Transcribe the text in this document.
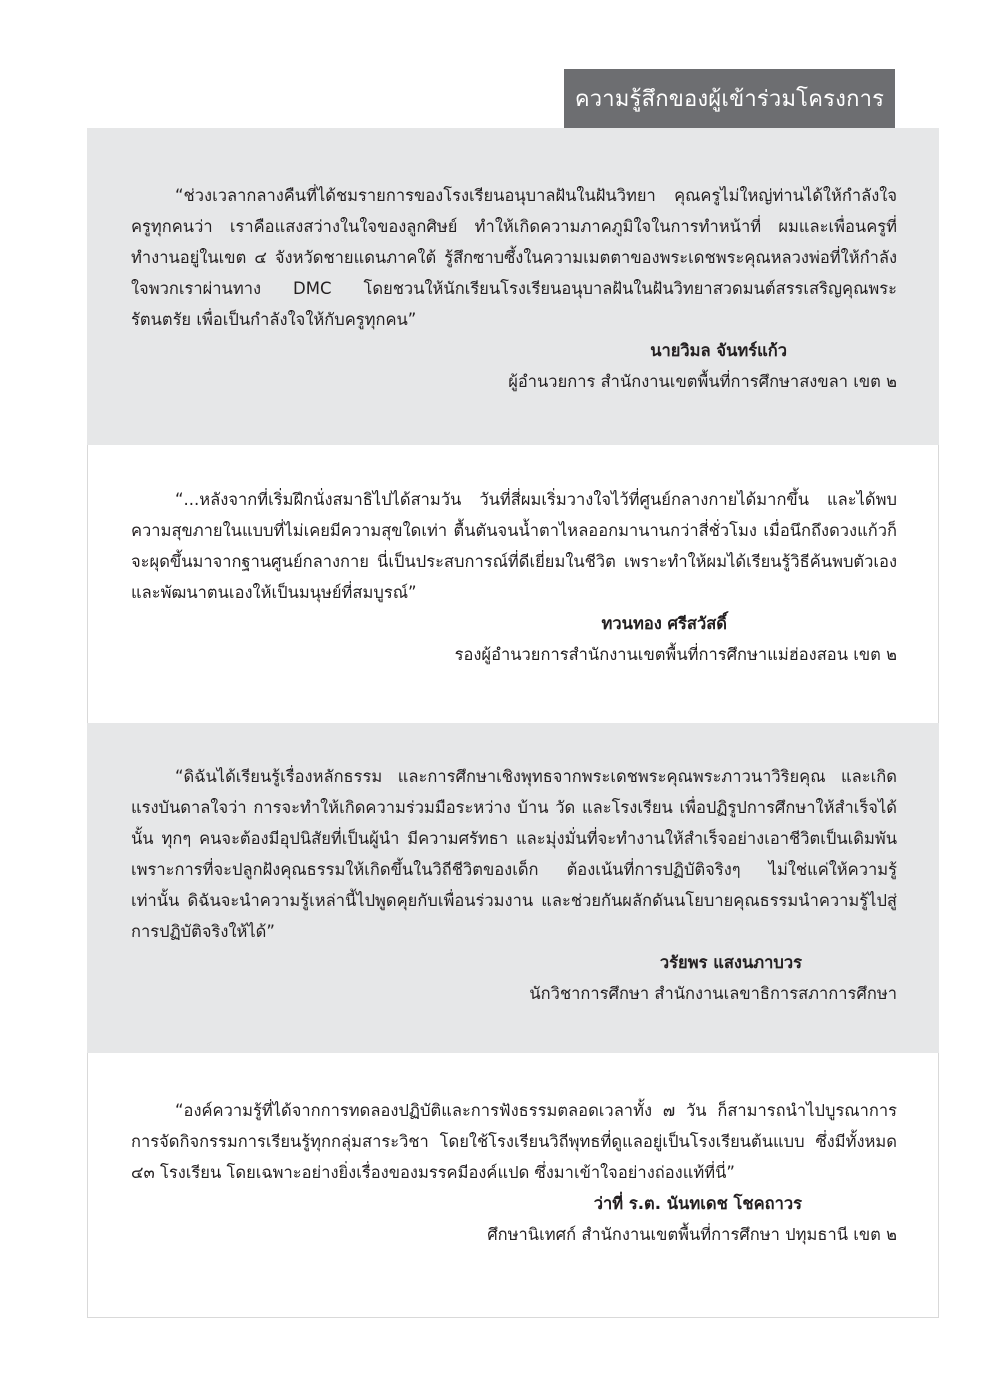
ความรู้สึกของผู้เข้าร่วมโครงการ

“ช่วงเวลากลางคืนที่ได้ชมรายการของโรงเรียนอนุบาลฝันในฝันวิทยา คุณครูไม่ใหญ่ท่านได้ให้กำลังใจครูทุกคนว่า เราคือแสงสว่างในใจของลูกศิษย์ ทำให้เกิดความภาคภูมิใจในการทำหน้าที่ ผมและเพื่อนครูที่ทำงานอยู่ในเขต ๔ จังหวัดชายแดนภาคใต้ รู้สึกซาบซึ้งในความเมตตาของพระเดชพระคุณหลวงพ่อที่ให้กำลังใจพวกเราผ่านทาง DMC โดยชวนให้นักเรียนโรงเรียนอนุบาลฝันในฝันวิทยาสวดมนต์สรรเสริญคุณพระรัตนตรัย เพื่อเป็นกำลังใจให้กับครูทุกคน”

นายวิมล จันทร์แก้ว

ผู้อำนวยการ สำนักงานเขตพื้นที่การศึกษาสงขลา เขต ๒

“...หลังจากที่เริ่มฝึกนั่งสมาธิไปได้สามวัน วันที่สี่ผมเริ่มวางใจไว้ที่ศูนย์กลางกายได้มากขึ้น และได้พบความสุขภายในแบบที่ไม่เคยมีความสุขใดเท่า ตื้นตันจนน้ำตาไหลออกมานานกว่าสี่ชั่วโมง เมื่อนึกถึงดวงแก้วก็จะผุดขึ้นมาจากฐานศูนย์กลางกาย นี่เป็นประสบการณ์ที่ดีเยี่ยมในชีวิต เพราะทำให้ผมได้เรียนรู้วิธีค้นพบตัวเอง และพัฒนาตนเองให้เป็นมนุษย์ที่สมบูรณ์”

ทวนทอง ศรีสวัสดิ์

รองผู้อำนวยการสำนักงานเขตพื้นที่การศึกษาแม่ฮ่องสอน เขต ๒

“ดิฉันได้เรียนรู้เรื่องหลักธรรม และการศึกษาเชิงพุทธจากพระเดชพระคุณพระภาวนาวิริยคุณ และเกิดแรงบันดาลใจว่า การจะทำให้เกิดความร่วมมือระหว่าง บ้าน วัด และโรงเรียน เพื่อปฏิรูปการศึกษาให้สำเร็จได้นั้น ทุกๆ คนจะต้องมีอุปนิสัยที่เป็นผู้นำ มีความศรัทธา และมุ่งมั่นที่จะทำงานให้สำเร็จอย่างเอาชีวิตเป็นเดิมพัน เพราะการที่จะปลูกฝังคุณธรรมให้เกิดขึ้นในวิถีชีวิตของเด็ก ต้องเน้นที่การปฏิบัติจริงๆ ไม่ใช่แค่ให้ความรู้เท่านั้น ดิฉันจะนำความรู้เหล่านี้ไปพูดคุยกับเพื่อนร่วมงาน และช่วยกันผลักดันนโยบายคุณธรรมนำความรู้ไปสู่การปฏิบัติจริงให้ได้”

วรัยพร แสงนภาบวร

นักวิชาการศึกษา สำนักงานเลขาธิการสภาการศึกษา

“องค์ความรู้ที่ได้จากการทดลองปฏิบัติและการฟังธรรมตลอดเวลาทั้ง ๗ วัน ก็สามารถนำไปบูรณาการการจัดกิจกรรมการเรียนรู้ทุกกลุ่มสาระวิชา โดยใช้โรงเรียนวิถีพุทธที่ดูแลอยู่เป็นโรงเรียนต้นแบบ ซึ่งมีทั้งหมด ๔๓ โรงเรียน โดยเฉพาะอย่างยิ่งเรื่องของมรรคมีองค์แปด ซึ่งมาเข้าใจอย่างถ่องแท้ที่นี่”

ว่าที่ ร.ต. นันทเดช โชคถาวร

ศึกษานิเทศก์ สำนักงานเขตพื้นที่การศึกษา ปทุมธานี เขต ๒
